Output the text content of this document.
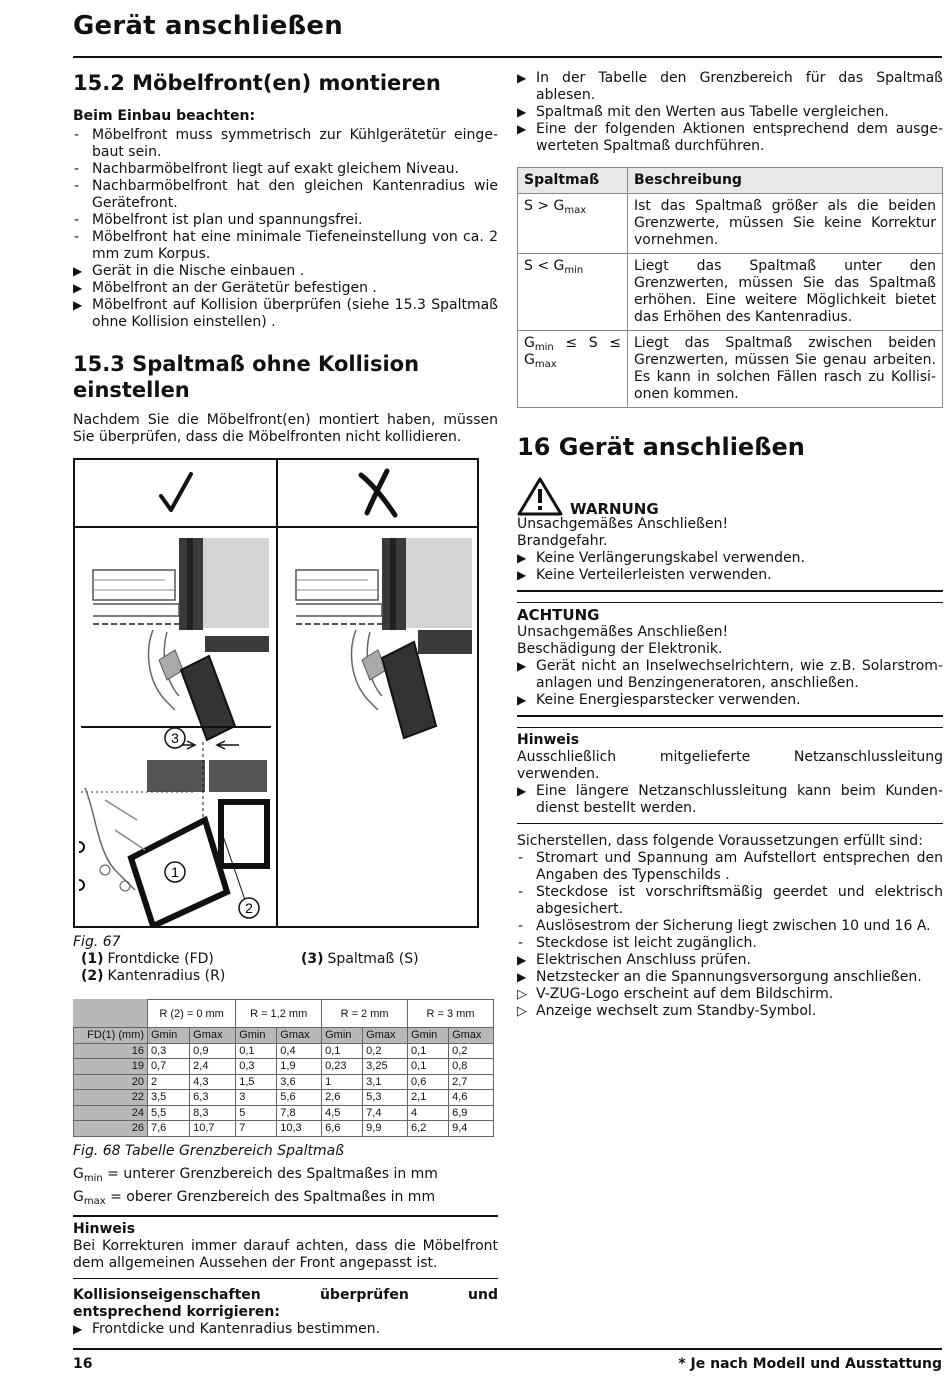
Gerät anschließen
15.2 Möbelfront(en) montieren
Beim Einbau beachten:
- Möbelfront muss symmetrisch zur Kühlgerätetür eingebaut sein.
- Nachbarmöbelfront liegt auf exakt gleichem Niveau.
- Nachbarmöbelfront hat den gleichen Kantenradius wie Gerätefront.
- Möbelfront ist plan und spannungsfrei.
- Möbelfront hat eine minimale Tiefeneinstellung von ca. 2 mm zum Korpus.
▶ Gerät in die Nische einbauen .
▶ Möbelfront an der Gerätetür befestigen .
▶ Möbelfront auf Kollision überprüfen (siehe 15.3 Spaltmaß ohne Kollision einstellen) .
15.3 Spaltmaß ohne Kollision einstellen
Nachdem Sie die Möbelfront(en) montiert haben, müssen Sie überprüfen, dass die Möbelfronten nicht kollidieren.
3
1
2
Fig. 67
(1) Frontdicke (FD)	(3) Spaltmaß (S)
(2) Kantenradius (R)
	R (2) = 0 mm		R = 1,2 mm		R = 2 mm		R = 3 mm	
FD(1) (mm)	Gmin	Gmax	Gmin	Gmax	Gmin	Gmax	Gmin	Gmax
16	0,3	0,9	0,1	0,4	0,1	0,2	0,1	0,2
19	0,7	2,4	0,3	1,9	0,23	3,25	0,1	0,8
20	2	4,3	1,5	3,6	1	3,1	0,6	2,7
22	3,5	6,3	3	5,6	2,6	5,3	2,1	4,6
24	5,5	8,3	5	7,8	4,5	7,4	4	6,9
26	7,6	10,7	7	10,3	6,6	9,9	6,2	9,4
Fig. 68 Tabelle Grenzbereich Spaltmaß
$G_{min}$ = unterer Grenzbereich des Spaltmaßes in mm
$G_{max}$ = oberer Grenzbereich des Spaltmaßes in mm
Hinweis
Bei Korrekturen immer darauf achten, dass die Möbelfront dem allgemeinen Aussehen der Front angepasst ist.
Kollisionseigenschaften überprüfen und entsprechend korrigieren:
▶ Frontdicke und Kantenradius bestimmen.
▶ In der Tabelle den Grenzbereich für das Spaltmaß ablesen.
▶ Spaltmaß mit den Werten aus Tabelle vergleichen.
▶ Eine der folgenden Aktionen entsprechend dem ausgewerteten Spaltmaß durchführen.
Spaltmaß	Beschreibung
$S > G_{max}$	Ist das Spaltmaß größer als die beiden Grenzwerte, müssen Sie keine Korrektur vornehmen.
$S < G_{min}$	Liegt das Spaltmaß unter den Grenzwerten, müssen Sie das Spaltmaß erhöhen. Eine weitere Möglichkeit bietet das Erhöhen des Kantenradius.
$G_{min} \le S \le G_{max}$	Liegt das Spaltmaß zwischen beiden Grenzwerten, müssen Sie genau arbeiten. Es kann in solchen Fällen rasch zu Kollisionen kommen.
16 Gerät anschließen
WARNUNG
Unsachgemäßes Anschließen!
Brandgefahr.
▶ Keine Verlängerungskabel verwenden.
▶ Keine Verteilerleisten verwenden.
ACHTUNG
Unsachgemäßes Anschließen!
Beschädigung der Elektronik.
▶ Gerät nicht an Inselwechselrichtern, wie z.B. Solarstromanlagen und Benzingeneratoren, anschließen.
▶ Keine Energiesparstecker verwenden.
Hinweis
Ausschließlich mitgelieferte Netzanschlussleitung verwenden.
▶ Eine längere Netzanschlussleitung kann beim Kundendienst bestellt werden.
Sicherstellen, dass folgende Voraussetzungen erfüllt sind:
- Stromart und Spannung am Aufstellort entsprechen den Angaben des Typenschilds .
- Steckdose ist vorschriftsmäßig geerdet und elektrisch abgesichert.
- Auslösestrom der Sicherung liegt zwischen 10 und 16 A.
- Steckdose ist leicht zugänglich.
▶ Elektrischen Anschluss prüfen.
▶ Netzstecker an die Spannungsversorgung anschließen.
▷ V-ZUG-Logo erscheint auf dem Bildschirm.
▷ Anzeige wechselt zum Standby-Symbol.
16	* Je nach Modell und Ausstattung
